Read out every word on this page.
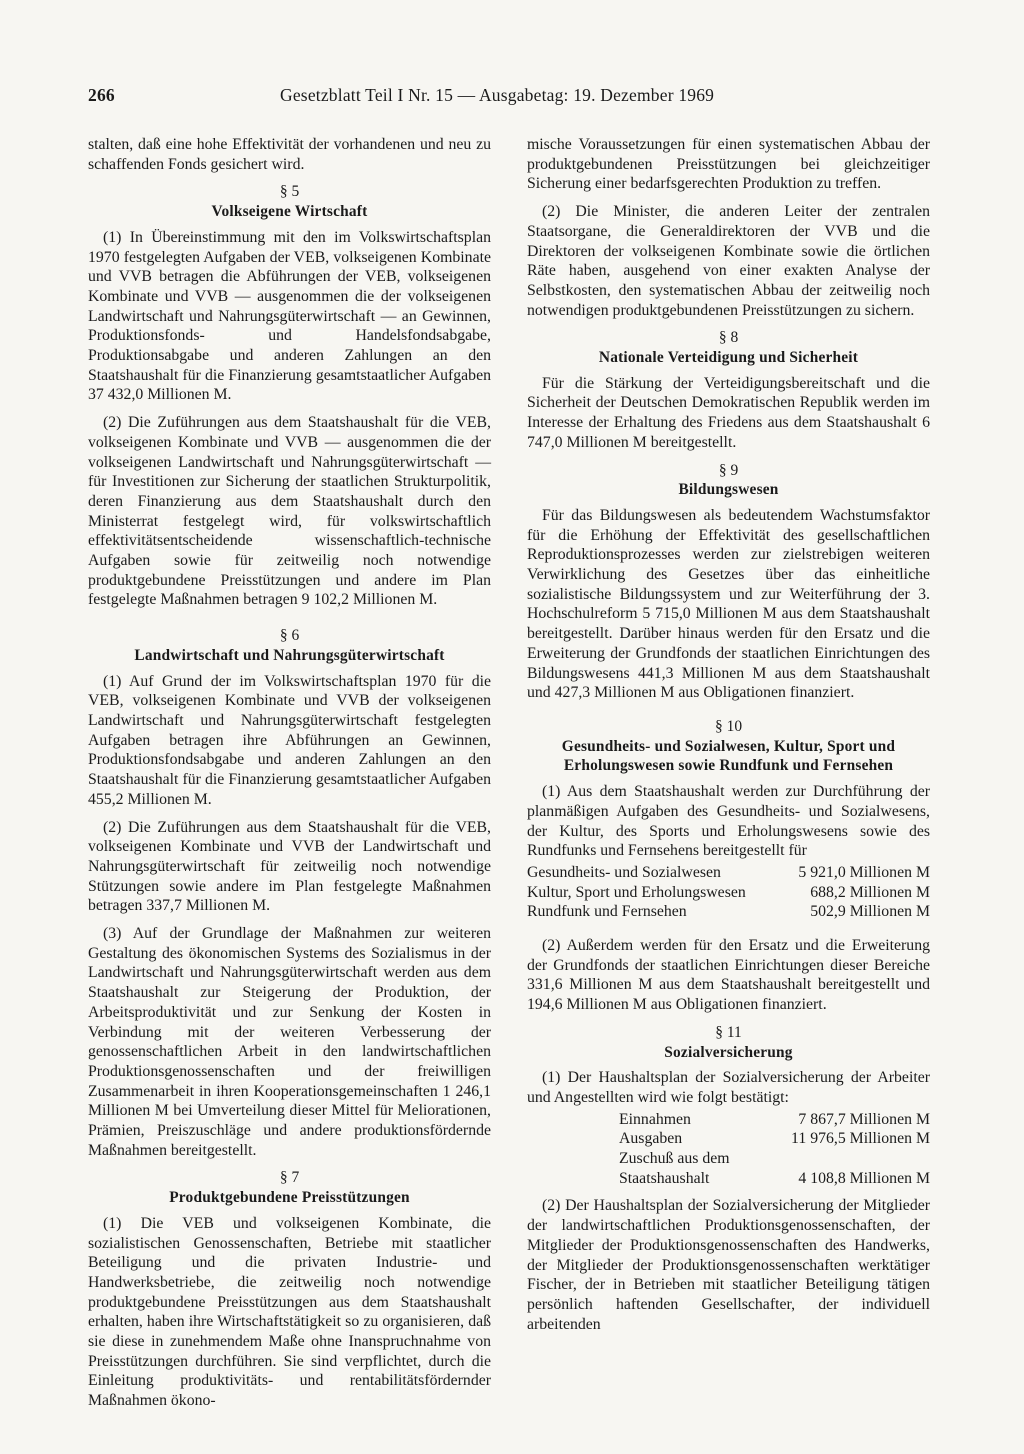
266	Gesetzblatt Teil I Nr. 15 — Ausgabetag: 19. Dezember 1969

stalten, daß eine hohe Effektivität der vorhandenen und neu zu schaffenden Fonds gesichert wird.

§ 5

Volkseigene Wirtschaft

(1) In Übereinstimmung mit den im Volkswirtschaftsplan 1970 festgelegten Aufgaben der VEB, volkseigenen Kombinate und VVB betragen die Abführungen der VEB, volkseigenen Kombinate und VVB — ausgenommen die der volkseigenen Landwirtschaft und Nahrungsgüterwirtschaft — an Gewinnen, Produktionsfonds- und Handelsfondsabgabe, Produktionsabgabe und anderen Zahlungen an den Staatshaushalt für die Finanzierung gesamtstaatlicher Aufgaben 37 432,0 Millionen M.

(2) Die Zuführungen aus dem Staatshaushalt für die VEB, volkseigenen Kombinate und VVB — ausgenommen die der volkseigenen Landwirtschaft und Nahrungsgüterwirtschaft — für Investitionen zur Sicherung der staatlichen Strukturpolitik, deren Finanzierung aus dem Staatshaushalt durch den Ministerrat festgelegt wird, für volkswirtschaftlich effektivitätsentscheidende wissenschaftlich-technische Aufgaben sowie für zeitweilig noch notwendige produktgebundene Preisstützungen und andere im Plan festgelegte Maßnahmen betragen 9 102,2 Millionen M.

§ 6

Landwirtschaft und Nahrungsgüterwirtschaft

(1) Auf Grund der im Volkswirtschaftsplan 1970 für die VEB, volkseigenen Kombinate und VVB der volkseigenen Landwirtschaft und Nahrungsgüterwirtschaft festgelegten Aufgaben betragen ihre Abführungen an Gewinnen, Produktionsfondsabgabe und anderen Zahlungen an den Staatshaushalt für die Finanzierung gesamtstaatlicher Aufgaben 455,2 Millionen M.

(2) Die Zuführungen aus dem Staatshaushalt für die VEB, volkseigenen Kombinate und VVB der Landwirtschaft und Nahrungsgüterwirtschaft für zeitweilig noch notwendige Stützungen sowie andere im Plan festgelegte Maßnahmen betragen 337,7 Millionen M.

(3) Auf der Grundlage der Maßnahmen zur weiteren Gestaltung des ökonomischen Systems des Sozialismus in der Landwirtschaft und Nahrungsgüterwirtschaft werden aus dem Staatshaushalt zur Steigerung der Produktion, der Arbeitsproduktivität und zur Senkung der Kosten in Verbindung mit der weiteren Verbesserung der genossenschaftlichen Arbeit in den landwirtschaftlichen Produktionsgenossenschaften und der freiwilligen Zusammenarbeit in ihren Kooperationsgemeinschaften 1 246,1 Millionen M bei Umverteilung dieser Mittel für Meliorationen, Prämien, Preiszuschläge und andere produktionsfördernde Maßnahmen bereitgestellt.

§ 7

Produktgebundene Preisstützungen

(1) Die VEB und volkseigenen Kombinate, die sozialistischen Genossenschaften, Betriebe mit staatlicher Beteiligung und die privaten Industrie- und Handwerksbetriebe, die zeitweilig noch notwendige produktgebundene Preisstützungen aus dem Staatshaushalt erhalten, haben ihre Wirtschaftstätigkeit so zu organisieren, daß sie diese in zunehmendem Maße ohne Inanspruchnahme von Preisstützungen durchführen. Sie sind verpflichtet, durch die Einleitung produktivitäts- und rentabilitätsfördernder Maßnahmen ökono-

mische Voraussetzungen für einen systematischen Abbau der produktgebundenen Preisstützungen bei gleichzeitiger Sicherung einer bedarfsgerechten Produktion zu treffen.

(2) Die Minister, die anderen Leiter der zentralen Staatsorgane, die Generaldirektoren der VVB und die Direktoren der volkseigenen Kombinate sowie die örtlichen Räte haben, ausgehend von einer exakten Analyse der Selbstkosten, den systematischen Abbau der zeitweilig noch notwendigen produktgebundenen Preisstützungen zu sichern.

§ 8

Nationale Verteidigung und Sicherheit

Für die Stärkung der Verteidigungsbereitschaft und die Sicherheit der Deutschen Demokratischen Republik werden im Interesse der Erhaltung des Friedens aus dem Staatshaushalt 6 747,0 Millionen M bereitgestellt.

§ 9

Bildungswesen

Für das Bildungswesen als bedeutendem Wachstumsfaktor für die Erhöhung der Effektivität des gesellschaftlichen Reproduktionsprozesses werden zur zielstrebigen weiteren Verwirklichung des Gesetzes über das einheitliche sozialistische Bildungssystem und zur Weiterführung der 3. Hochschulreform 5 715,0 Millionen M aus dem Staatshaushalt bereitgestellt. Darüber hinaus werden für den Ersatz und die Erweiterung der Grundfonds der staatlichen Einrichtungen des Bildungswesens 441,3 Millionen M aus dem Staatshaushalt und 427,3 Millionen M aus Obligationen finanziert.

§ 10

Gesundheits- und Sozialwesen, Kultur, Sport und

Erholungswesen sowie Rundfunk und Fernsehen

(1) Aus dem Staatshaushalt werden zur Durchführung der planmäßigen Aufgaben des Gesundheits- und Sozialwesens, der Kultur, des Sports und Erholungswesens sowie des Rundfunks und Fernsehens bereitgestellt für

Gesundheits- und Sozialwesen	5 921,0 Millionen M
Kultur, Sport und Erholungswesen	688,2 Millionen M
Rundfunk und Fernsehen	502,9 Millionen M

(2) Außerdem werden für den Ersatz und die Erweiterung der Grundfonds der staatlichen Einrichtungen dieser Bereiche 331,6 Millionen M aus dem Staatshaushalt bereitgestellt und 194,6 Millionen M aus Obligationen finanziert.

§ 11

Sozialversicherung

(1) Der Haushaltsplan der Sozialversicherung der Arbeiter und Angestellten wird wie folgt bestätigt:

Einnahmen	7 867,7 Millionen M
Ausgaben	11 976,5 Millionen M
Zuschuß aus dem Staatshaushalt	4 108,8 Millionen M

(2) Der Haushaltsplan der Sozialversicherung der Mitglieder der landwirtschaftlichen Produktionsgenossenschaften, der Mitglieder der Produktionsgenossenschaften des Handwerks, der Mitglieder der Produktionsgenossenschaften werktätiger Fischer, der in Betrieben mit staatlicher Beteiligung tätigen persönlich haftenden Gesellschafter, der individuell arbeitenden
